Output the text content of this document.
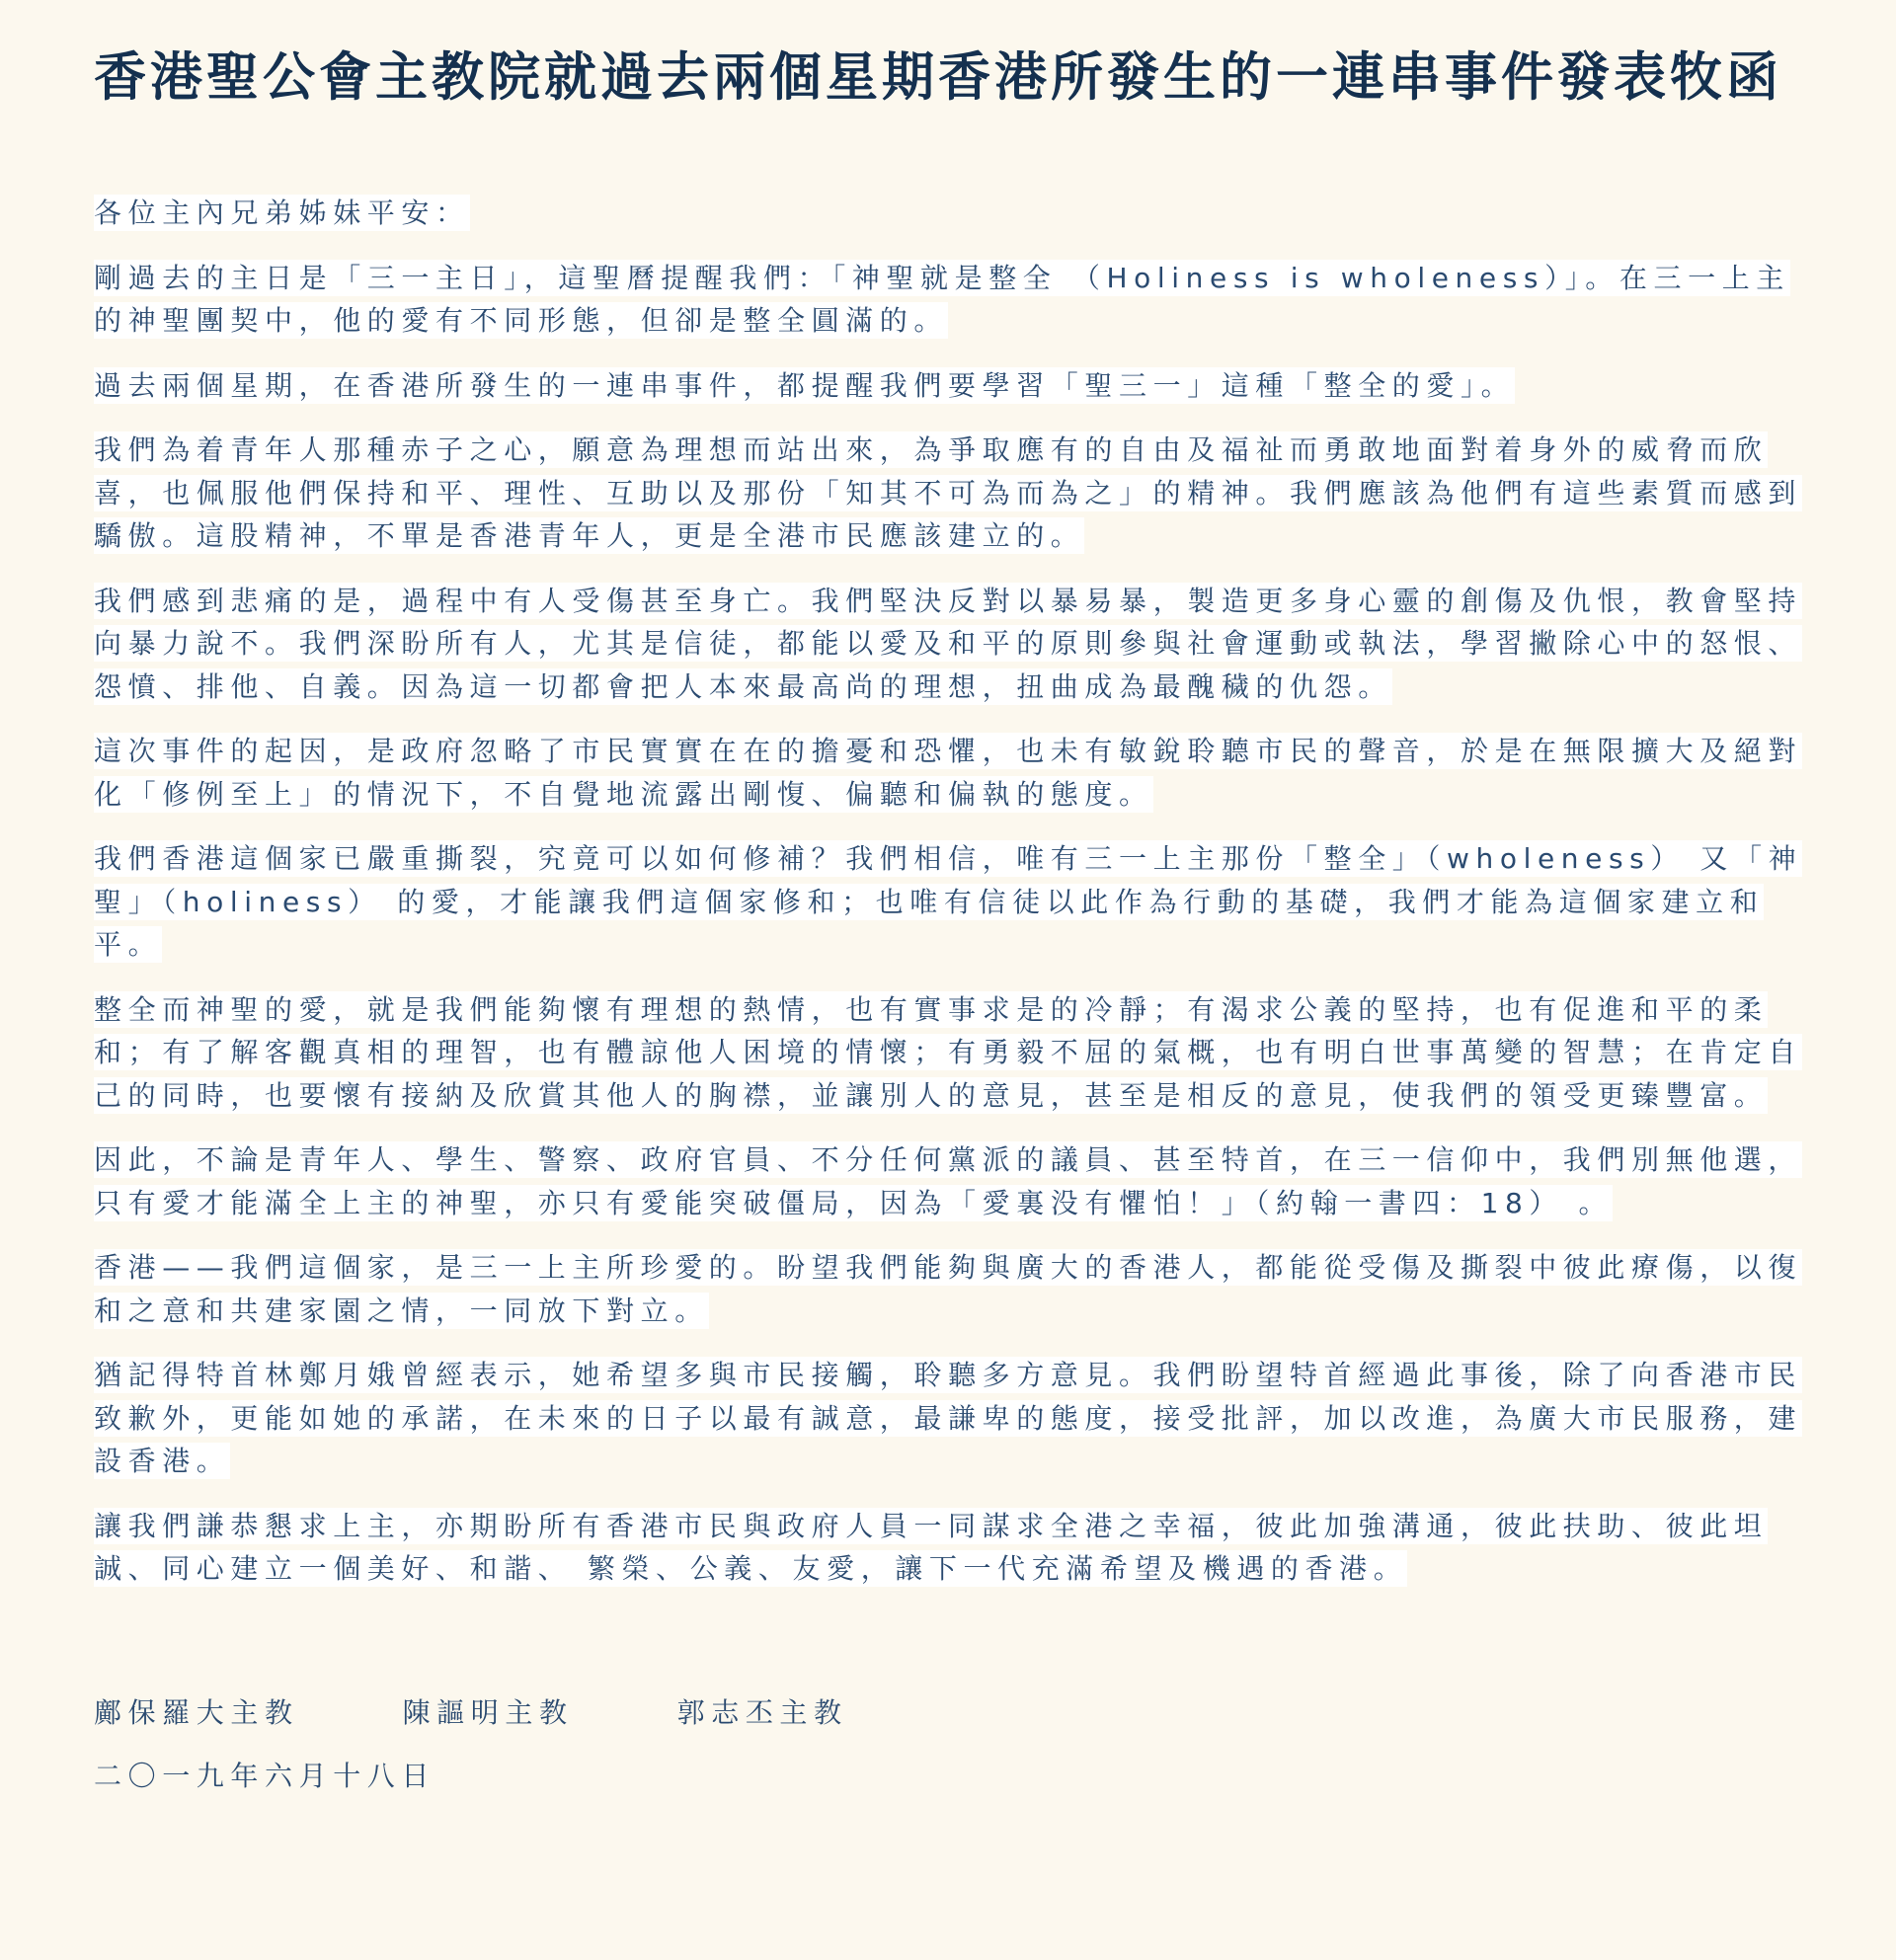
香港聖公會主教院就過去兩個星期香港所發生的一連串事件發表牧函

各位主內兄弟姊妹平安：

剛過去的主日是「三一主日」，這聖曆提醒我們：「神聖就是整全 （Holiness is wholeness）」。在三一上主的神聖團契中，他的愛有不同形態，但卻是整全圓滿的。

過去兩個星期，在香港所發生的一連串事件，都提醒我們要學習「聖三一」這種「整全的愛」。

我們為着青年人那種赤子之心，願意為理想而站出來，為爭取應有的自由及福祉而勇敢地面對着身外的威脅而欣喜，也佩服他們保持和平、理性、互助以及那份「知其不可為而為之」的精神。我們應該為他們有這些素質而感到驕傲。這股精神，不單是香港青年人，更是全港市民應該建立的。

我們感到悲痛的是，過程中有人受傷甚至身亡。我們堅決反對以暴易暴，製造更多身心靈的創傷及仇恨，教會堅持向暴力說不。我們深盼所有人，尤其是信徒，都能以愛及和平的原則參與社會運動或執法，學習撇除心中的怒恨、怨憤、排他、自義。因為這一切都會把人本來最高尚的理想，扭曲成為最醜穢的仇怨。

這次事件的起因，是政府忽略了市民實實在在的擔憂和恐懼，也未有敏銳聆聽市民的聲音，於是在無限擴大及絕對化「修例至上」的情況下，不自覺地流露出剛愎、偏聽和偏執的態度。

我們香港這個家已嚴重撕裂，究竟可以如何修補？我們相信，唯有三一上主那份「整全」（wholeness） 又「神聖」（holiness） 的愛，才能讓我們這個家修和；也唯有信徒以此作為行動的基礎，我們才能為這個家建立和平。

整全而神聖的愛，就是我們能夠懷有理想的熱情，也有實事求是的冷靜；有渴求公義的堅持，也有促進和平的柔和；有了解客觀真相的理智，也有體諒他人困境的情懷；有勇毅不屈的氣概，也有明白世事萬變的智慧；在肯定自己的同時，也要懷有接納及欣賞其他人的胸襟，並讓別人的意見，甚至是相反的意見，使我們的領受更臻豐富。

因此，不論是青年人、學生、警察、政府官員、不分任何黨派的議員、甚至特首，在三一信仰中，我們別無他選，只有愛才能滿全上主的神聖，亦只有愛能突破僵局，因為「愛裏没有懼怕！」（約翰一書四：18） 。

香港——我們這個家，是三一上主所珍愛的。盼望我們能夠與廣大的香港人，都能從受傷及撕裂中彼此療傷，以復和之意和共建家園之情，一同放下對立。

猶記得特首林鄭月娥曾經表示，她希望多與市民接觸，聆聽多方意見。我們盼望特首經過此事後，除了向香港市民致歉外，更能如她的承諾，在未來的日子以最有誠意，最謙卑的態度，接受批評，加以改進，為廣大市民服務，建設香港。

讓我們謙恭懇求上主，亦期盼所有香港市民與政府人員一同謀求全港之幸福，彼此加強溝通，彼此扶助、彼此坦誠、同心建立一個美好、和諧、 繁榮、公義、友愛，讓下一代充滿希望及機遇的香港。

鄺保羅大主教	陳謳明主教	郭志丕主教

二〇一九年六月十八日
